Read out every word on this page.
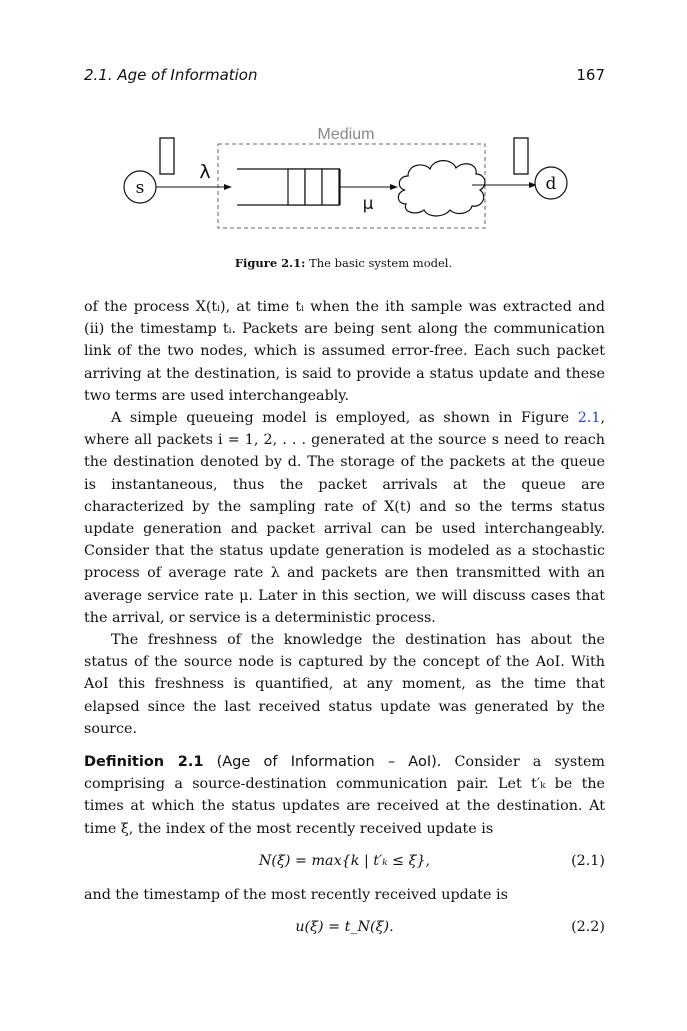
2.1. Age of Information	167
Medium
s
λ
μ
d
Figure 2.1: The basic system model.

of the process X(tᵢ), at time tᵢ when the ith sample was extracted and (ii) the timestamp tᵢ. Packets are being sent along the communication link of the two nodes, which is assumed error-free. Each such packet arriving at the destination, is said to provide a status update and these two terms are used interchangeably.

A simple queueing model is employed, as shown in Figure 2.1, where all packets i = 1, 2, . . . generated at the source s need to reach the destination denoted by d. The storage of the packets at the queue is instantaneous, thus the packet arrivals at the queue are characterized by the sampling rate of X(t) and so the terms status update generation and packet arrival can be used interchangeably. Consider that the status update generation is modeled as a stochastic process of average rate λ and packets are then transmitted with an average service rate μ. Later in this section, we will discuss cases that the arrival, or service is a deterministic process.

The freshness of the knowledge the destination has about the status of the source node is captured by the concept of the AoI. With AoI this freshness is quantified, at any moment, as the time that elapsed since the last received status update was generated by the source.

Definition 2.1 (Age of Information – AoI). Consider a system comprising a source-destination communication pair. Let t′ₖ be the times at which the status updates are received at the destination. At time ξ, the index of the most recently received update is

N(ξ) = max{k | t′ₖ ≤ ξ},	(2.1)

and the timestamp of the most recently received update is

u(ξ) = t_N(ξ).	(2.2)
